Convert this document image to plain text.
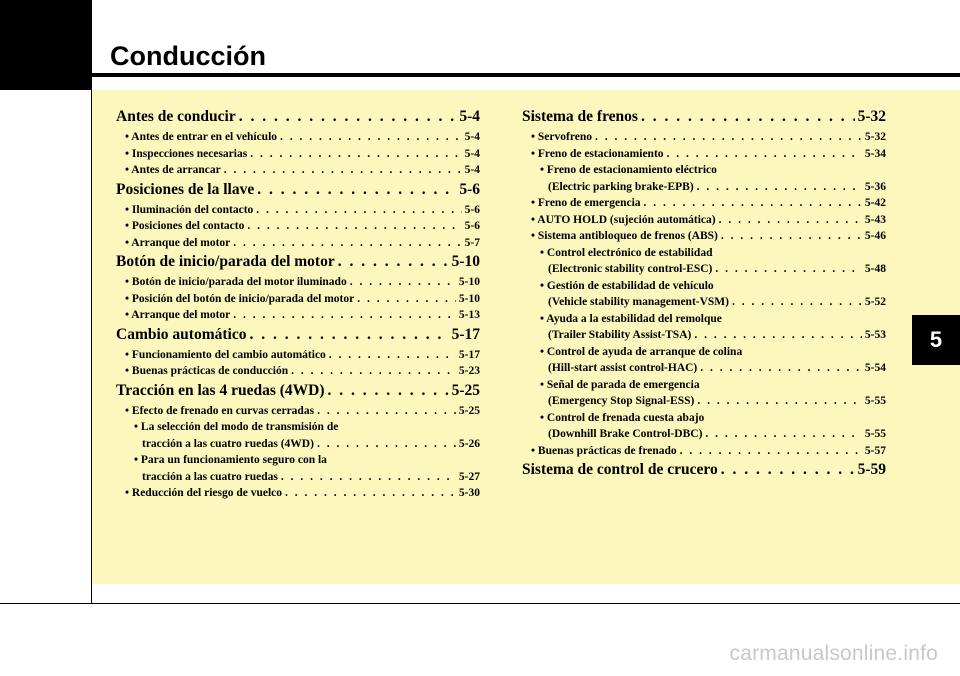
Conducción
5
Antes de conducir . . .	5-4
• Antes de entrar en el vehículo . . .	5-4
• Inspecciones necesarias . . .	5-4
• Antes de arrancar . . .	5-4
Posiciones de la llave . . .	5-6
• Iluminación del contacto . . .	5-6
• Posiciones del contacto . . .	5-6
• Arranque del motor . . .	5-7
Botón de inicio/parada del motor . . .	5-10
• Botón de inicio/parada del motor iluminado . . .	5-10
• Posición del botón de inicio/parada del motor . . .	5-10
• Arranque del motor . . .	5-13
Cambio automático . . .	5-17
• Funcionamiento del cambio automático . . .	5-17
• Buenas prácticas de conducción . . .	5-23
Tracción en las 4 ruedas (4WD) . . .	5-25
• Efecto de frenado en curvas cerradas . . .	5-25
• La selección del modo de transmisión de
tracción a las cuatro ruedas (4WD) . . .	5-26
• Para un funcionamiento seguro con la
tracción a las cuatro ruedas . . .	5-27
• Reducción del riesgo de vuelco . . .	5-30
Sistema de frenos . . .	5-32
• Servofreno . . .	5-32
• Freno de estacionamiento . . .	5-34
• Freno de estacionamiento eléctrico
(Electric parking brake-EPB) . . .	5-36
• Freno de emergencia . . .	5-42
• AUTO HOLD (sujeción automática) . . .	5-43
• Sistema antibloqueo de frenos (ABS) . . .	5-46
• Control electrónico de estabilidad
(Electronic stability control-ESC) . . .	5-48
• Gestión de estabilidad de vehículo
(Vehicle stability management-VSM) . . .	5-52
• Ayuda a la estabilidad del remolque
(Trailer Stability Assist-TSA) . . .	5-53
• Control de ayuda de arranque de colina
(Hill-start assist control-HAC) . . .	5-54
• Señal de parada de emergencia
(Emergency Stop Signal-ESS) . . .	5-55
• Control de frenada cuesta abajo
(Downhill Brake Control-DBC) . . .	5-55
• Buenas prácticas de frenado . . .	5-57
Sistema de control de crucero . . .	5-59
carmanualsonline.info
